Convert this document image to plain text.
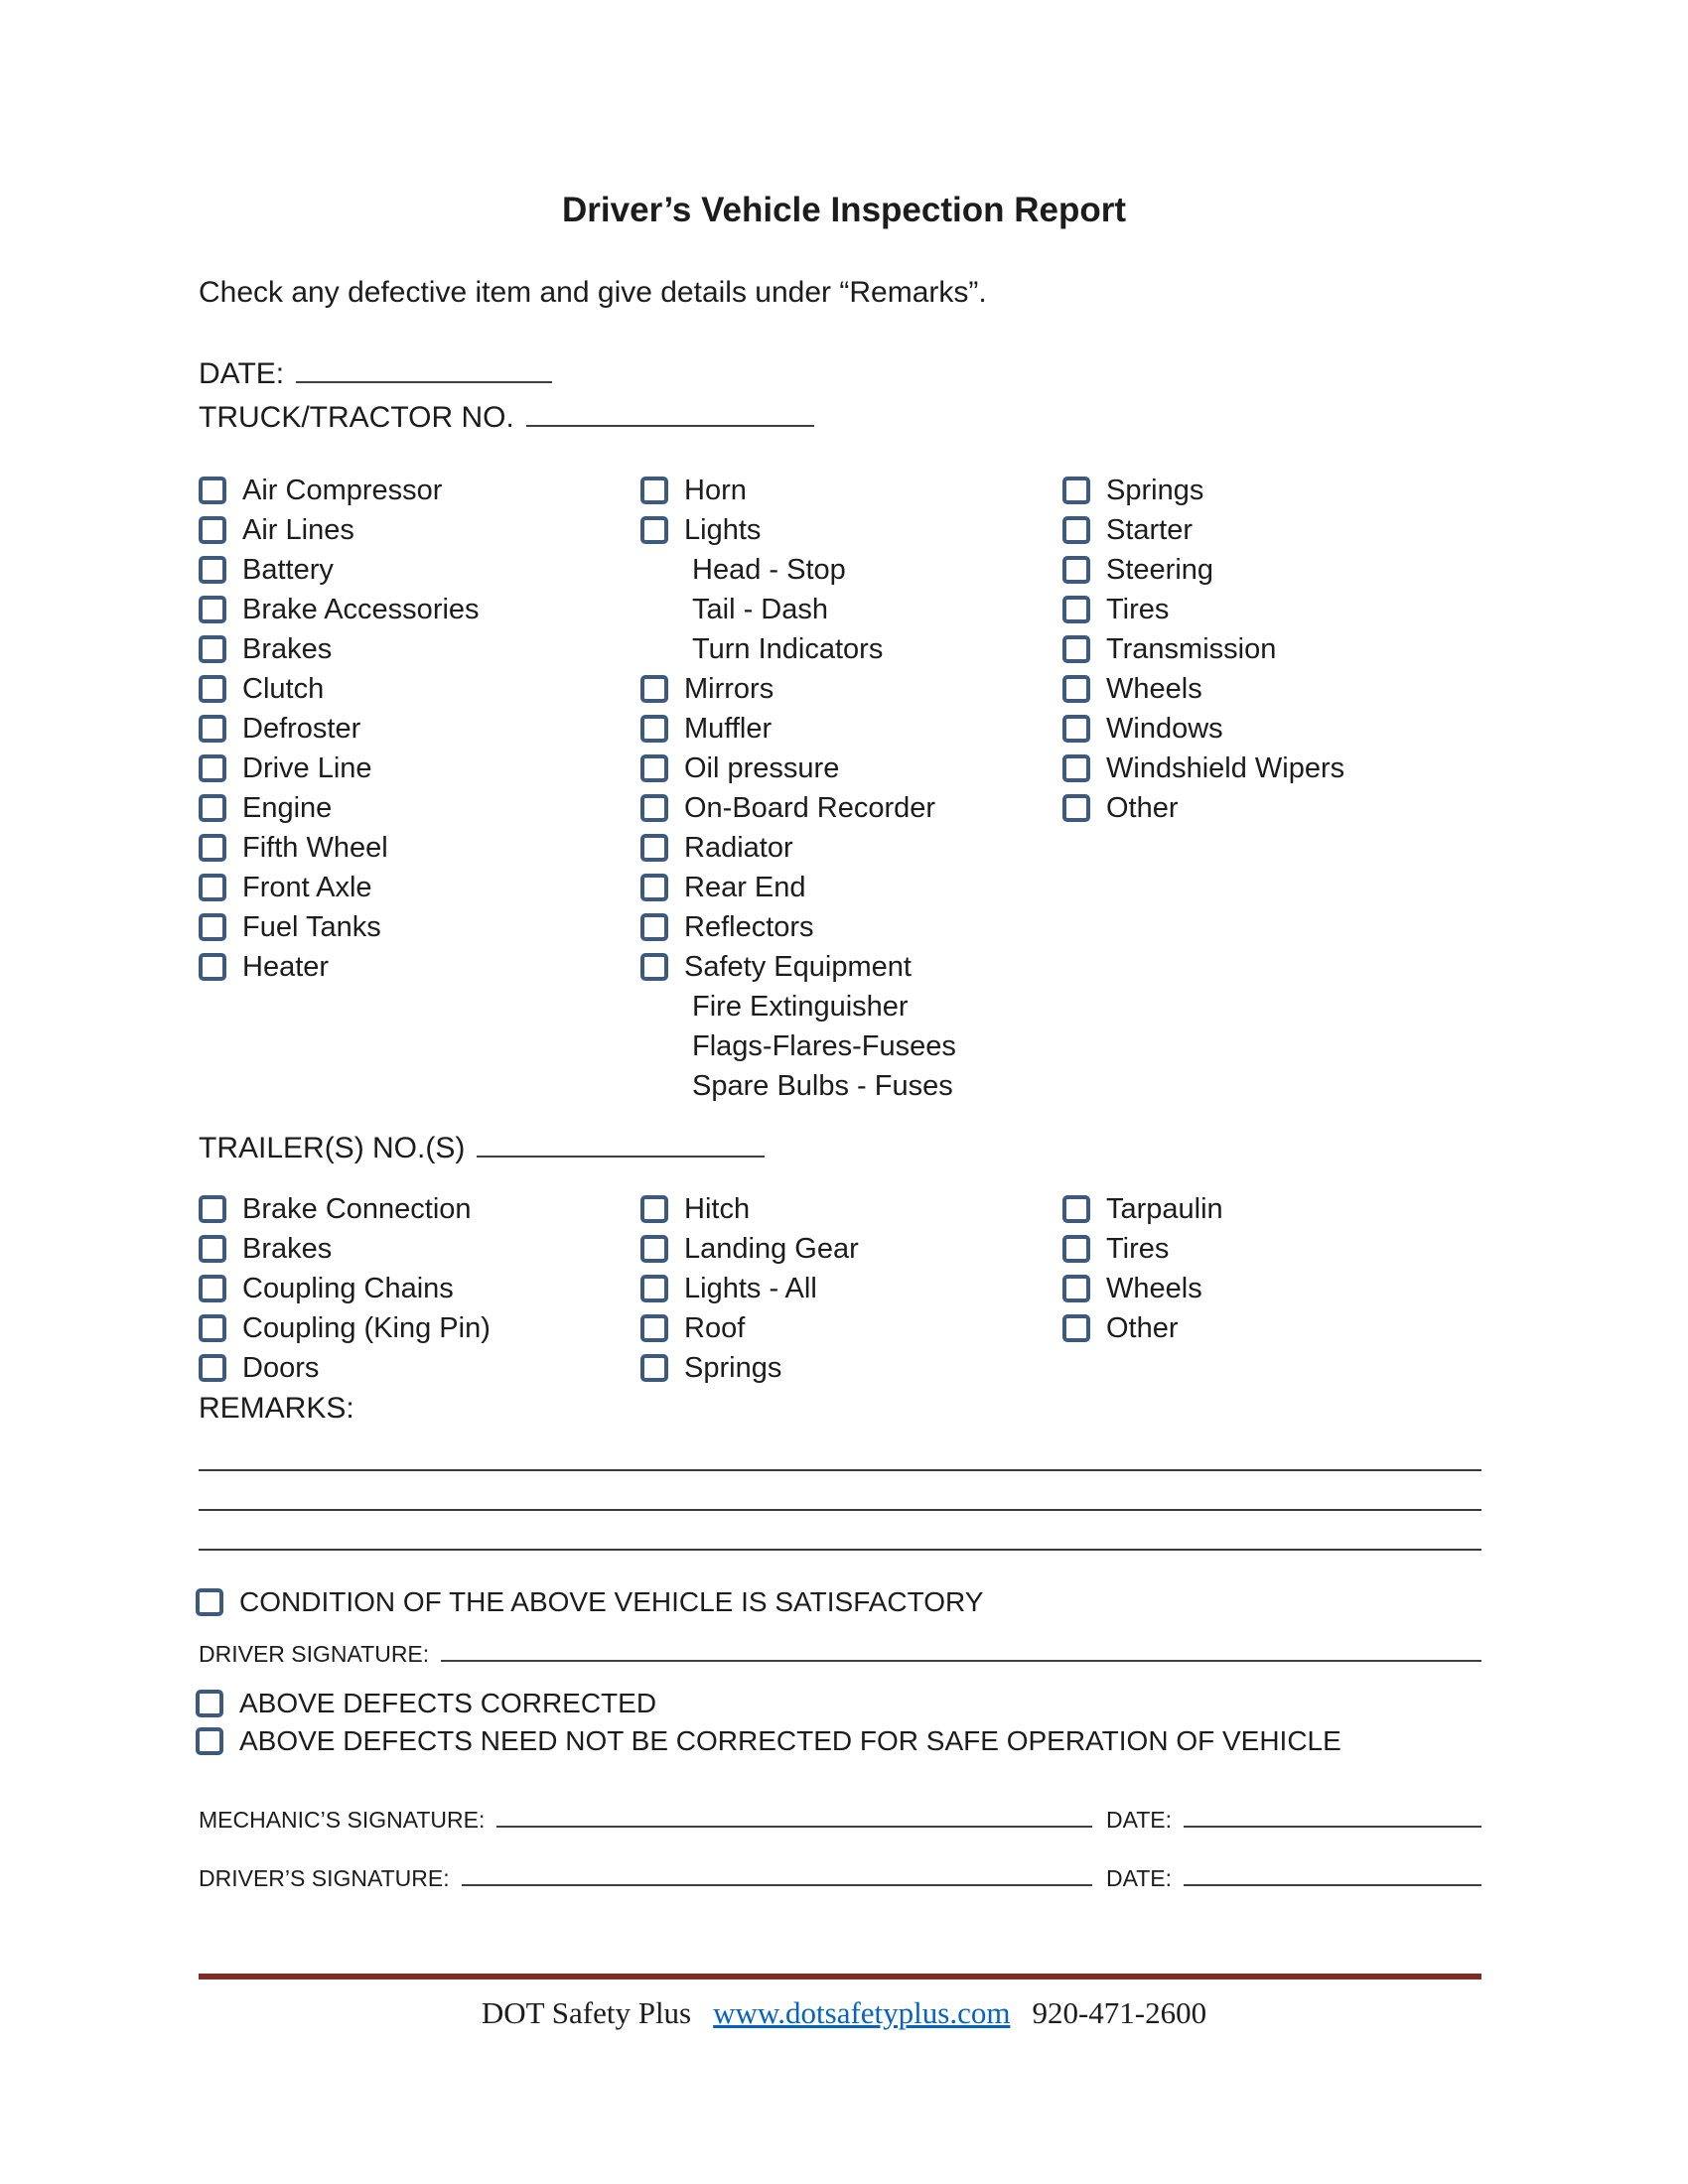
Driver’s Vehicle Inspection Report

Check any defective item and give details under “Remarks”.

DATE:
TRUCK/TRACTOR NO.
Air Compressor
Air Lines
Battery
Brake Accessories
Brakes
Clutch
Defroster
Drive Line
Engine
Fifth Wheel
Front Axle
Fuel Tanks
Heater
Horn
Lights
Head - Stop
Tail - Dash
Turn Indicators
Mirrors
Muffler
Oil pressure
On-Board Recorder
Radiator
Rear End
Reflectors
Safety Equipment
Fire Extinguisher
Flags-Flares-Fusees
Spare Bulbs - Fuses
Springs
Starter
Steering
Tires
Transmission
Wheels
Windows
Windshield Wipers
Other
TRAILER(S) NO.(S)
Brake Connection
Brakes
Coupling Chains
Coupling (King Pin)
Doors
Hitch
Landing Gear
Lights - All
Roof
Springs
Tarpaulin
Tires
Wheels
Other
REMARKS:
CONDITION OF THE ABOVE VEHICLE IS SATISFACTORY
DRIVER SIGNATURE:
ABOVE DEFECTS CORRECTED
ABOVE DEFECTS NEED NOT BE CORRECTED FOR SAFE OPERATION OF VEHICLE
MECHANIC’S SIGNATURE:	DATE:
DRIVER’S SIGNATURE:	DATE:
DOT Safety Plus www.dotsafetyplus.com 920-471-2600
